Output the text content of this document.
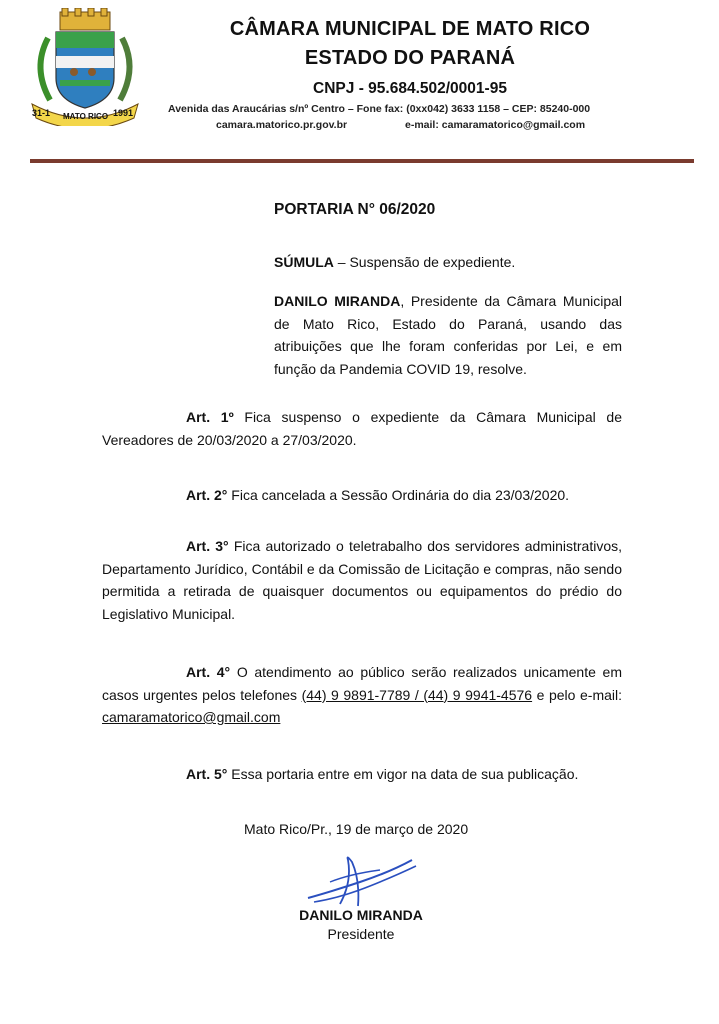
31-1 MATO RICO 1991
CÂMARA MUNICIPAL DE MATO RICO
ESTADO DO PARANÁ
CNPJ - 95.684.502/0001-95
Avenida das Araucárias s/nº Centro – Fone fax: (0xx042) 3633 1158 – CEP: 85240-000
camara.matorico.pr.gov.br	e-mail: camaramatorico@gmail.com
PORTARIA N° 06/2020
SÚMULA – Suspensão de expediente.
DANILO MIRANDA, Presidente da Câmara Municipal de Mato Rico, Estado do Paraná, usando das atribuições que lhe foram conferidas por Lei, e em função da Pandemia COVID 19, resolve.
Art. 1º Fica suspenso o expediente da Câmara Municipal de Vereadores de 20/03/2020 a 27/03/2020.
Art. 2° Fica cancelada a Sessão Ordinária do dia 23/03/2020.
Art. 3° Fica autorizado o teletrabalho dos servidores administrativos, Departamento Jurídico, Contábil e da Comissão de Licitação e compras, não sendo permitida a retirada de quaisquer documentos ou equipamentos do prédio do Legislativo Municipal.
Art. 4° O atendimento ao público serão realizados unicamente em casos urgentes pelos telefones (44) 9 9891-7789 / (44) 9 9941-4576 e pelo e-mail: camaramatorico@gmail.com
Art. 5° Essa portaria entre em vigor na data de sua publicação.
Mato Rico/Pr., 19 de março de 2020
DANILO MIRANDA
Presidente
